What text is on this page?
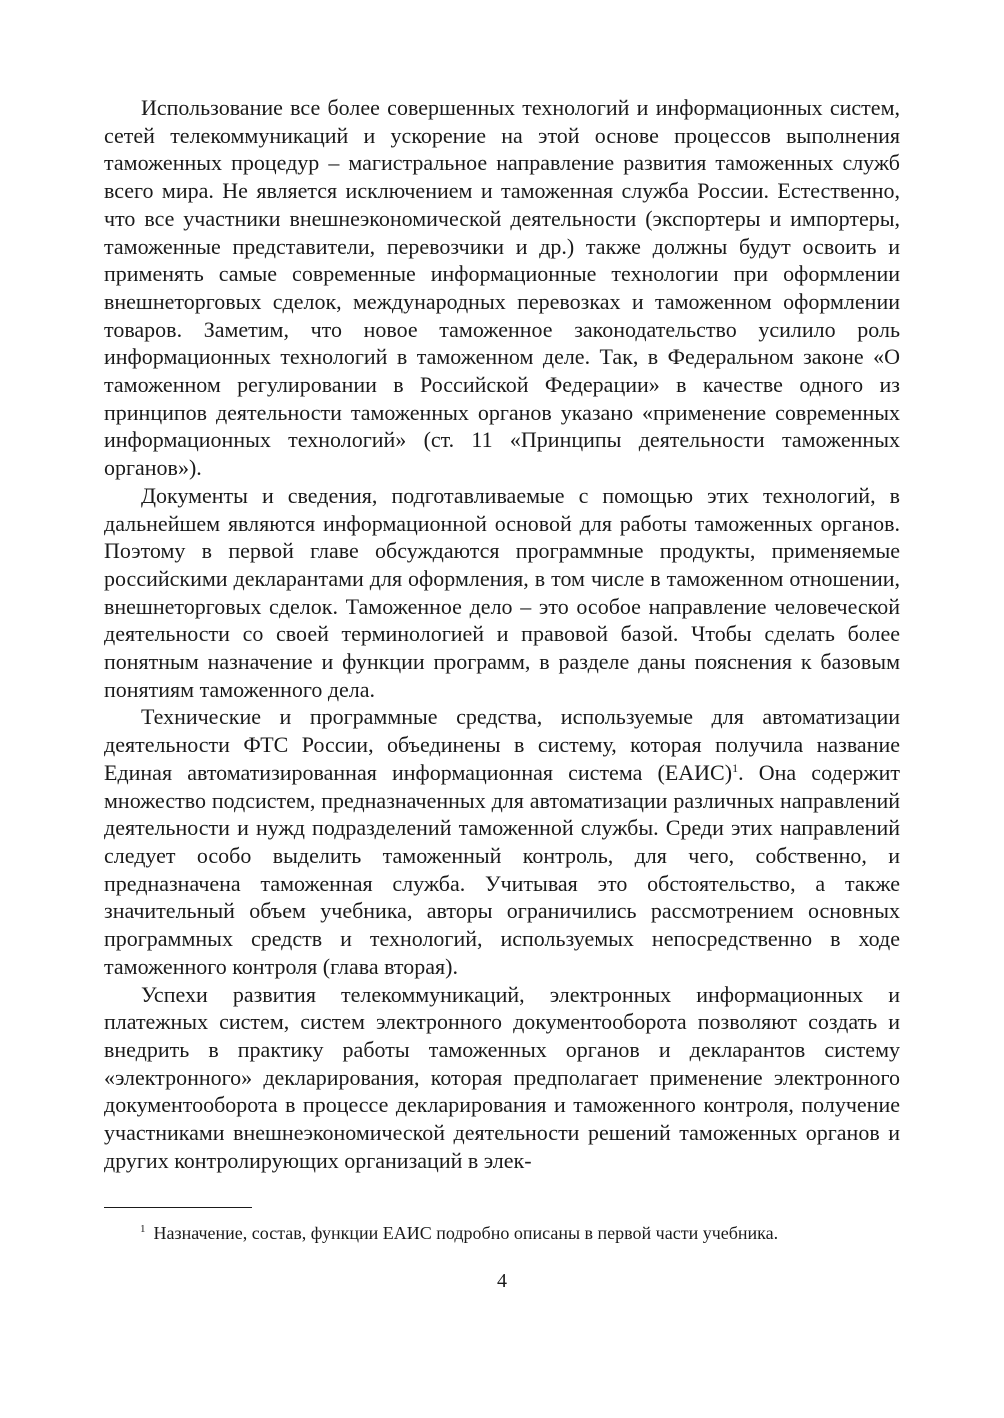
Использование все более совершенных технологий и информационных систем, сетей телекоммуникаций и ускорение на этой основе процессов выполнения таможенных процедур – магистральное направление развития таможенных служб всего мира. Не является исключением и таможенная служба России. Естественно, что все участники внешнеэкономической деятельности (экспортеры и импортеры, таможенные представители, перевозчики и др.) также должны будут освоить и применять самые современные информационные технологии при оформлении внешнеторговых сделок, международных перевозках и таможенном оформлении товаров. Заметим, что новое таможенное законодательство усилило роль информационных технологий в таможенном деле. Так, в Федеральном законе «О таможенном регулировании в Российской Федерации» в качестве одного из принципов деятельности таможенных органов указано «применение современных информационных технологий» (ст. 11 «Принципы деятельности таможенных органов»).

Документы и сведения, подготавливаемые с помощью этих технологий, в дальнейшем являются информационной основой для работы таможенных органов. Поэтому в первой главе обсуждаются программные продукты, применяемые российскими декларантами для оформления, в том числе в таможенном отношении, внешнеторговых сделок. Таможенное дело – это особое направление человеческой деятельности со своей терминологией и правовой базой. Чтобы сделать более понятным назначение и функции программ, в разделе даны пояснения к базовым понятиям таможенного дела.

Технические и программные средства, используемые для автоматизации деятельности ФТС России, объединены в систему, которая получила название Единая автоматизированная информационная система (ЕАИС)$^1$. Она содержит множество подсистем, предназначенных для автоматизации различных направлений деятельности и нужд подразделений таможенной службы. Среди этих направлений следует особо выделить таможенный контроль, для чего, собственно, и предназначена таможенная служба. Учитывая это обстоятельство, а также значительный объем учебника, авторы ограничились рассмотрением основных программных средств и технологий, используемых непосредственно в ходе таможенного контроля (глава вторая).

Успехи развития телекоммуникаций, электронных информационных и платежных систем, систем электронного документооборота позволяют создать и внедрить в практику работы таможенных органов и декларантов систему «электронного» декларирования, которая предполагает применение электронного документооборота в процессе декларирования и таможенного контроля, получение участниками внешнеэкономической деятельности решений таможенных органов и других контролирующих организаций в элек-

$^1$ Назначение, состав, функции ЕАИС подробно описаны в первой части учебника.
4
